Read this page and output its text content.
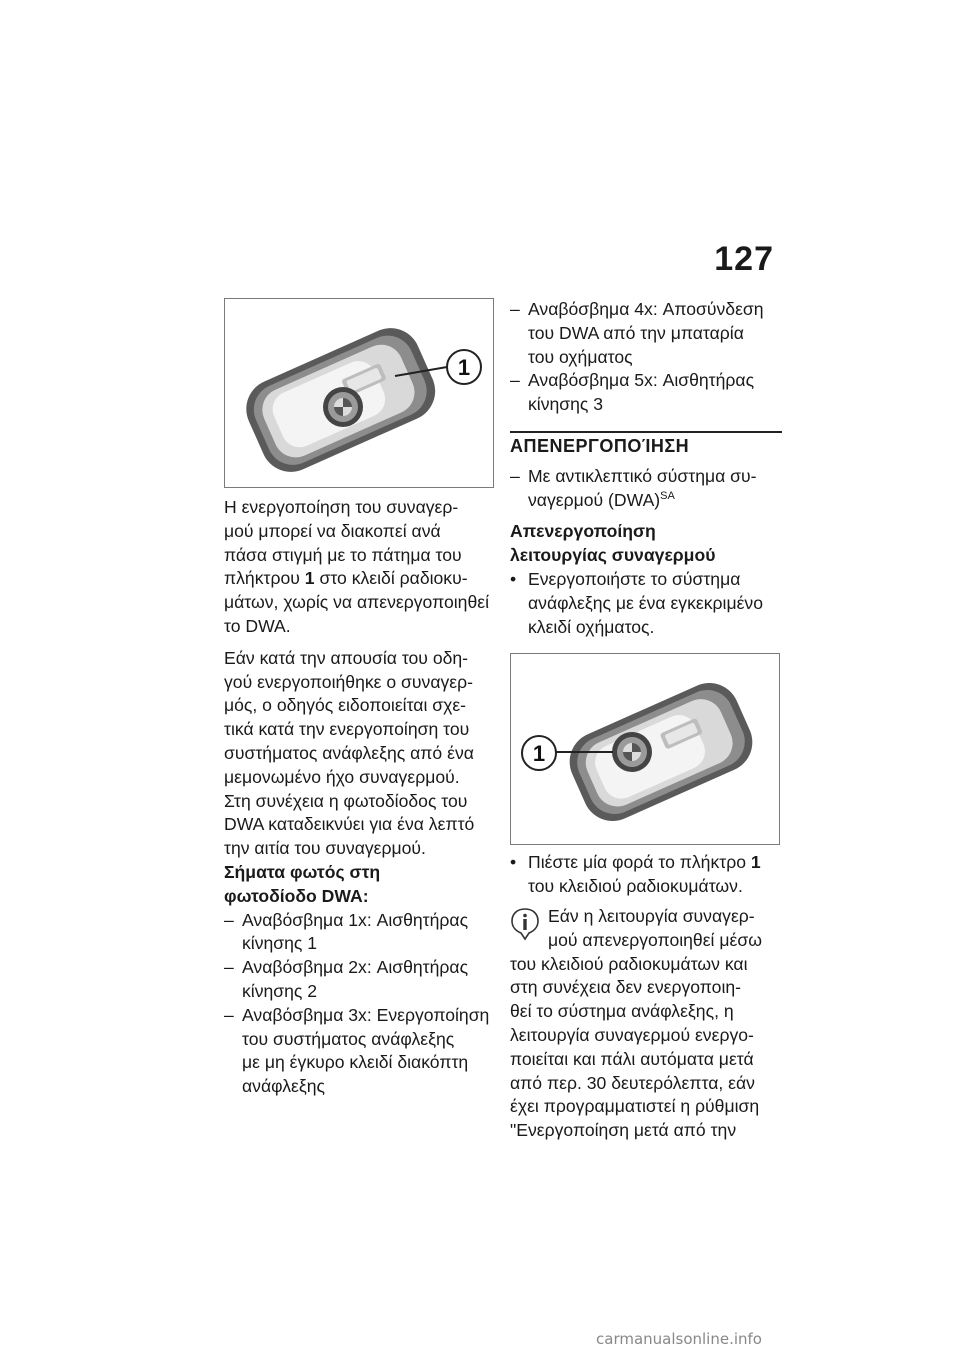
127
1

Η ενεργοποίηση του συναγερ-

μού μπορεί να διακοπεί ανά

πάσα στιγμή με το πάτημα του

πλήκτρου 1 στο κλειδί ραδιοκυ-

μάτων, χωρίς να απενεργοποιηθεί

το DWA.

Εάν κατά την απουσία του οδη-

γού ενεργοποιήθηκε ο συναγερ-

μός, ο οδηγός ειδοποιείται σχε-

τικά κατά την ενεργοποίηση του

συστήματος ανάφλεξης από ένα

μεμονωμένο ήχο συναγερμού.

Στη συνέχεια η φωτοδίοδος του

DWA καταδεικνύει για ένα λεπτό

την αιτία του συναγερμού.

Σήματα φωτός στη

φωτοδίοδο DWA:

– Αναβόσβημα 1x: Αισθητήρας

κίνησης 1

– Αναβόσβημα 2x: Αισθητήρας

κίνησης 2

– Αναβόσβημα 3x: Ενεργοποίηση

του συστήματος ανάφλεξης

με μη έγκυρο κλειδί διακόπτη

ανάφλεξης

– Αναβόσβημα 4x: Αποσύνδεση

του DWA από την μπαταρία

του οχήματος

– Αναβόσβημα 5x: Αισθητήρας

κίνησης 3

ΑΠΕΝΕΡΓΟΠΟΊΗΣΗ

– Με αντικλεπτικό σύστημα συ-

ναγερμού (DWA)$^{SA}$

Απενεργοποίηση

λειτουργίας συναγερμού

• Ενεργοποιήστε το σύστημα

ανάφλεξης με ένα εγκεκριμένο

κλειδί οχήματος.

1
• Πιέστε μία φορά το πλήκτρο 1

του κλειδιού ραδιοκυμάτων.

Εάν η λειτουργία συναγερ-

μού απενεργοποιηθεί μέσω

του κλειδιού ραδιοκυμάτων και

στη συνέχεια δεν ενεργοποιη-

θεί το σύστημα ανάφλεξης, η

λειτουργία συναγερμού ενεργο-

ποιείται και πάλι αυτόματα μετά

από περ. 30 δευτερόλεπτα, εάν

έχει προγραμματιστεί η ρύθμιση

"Ενεργοποίηση μετά από την

carmanualsonline.info
